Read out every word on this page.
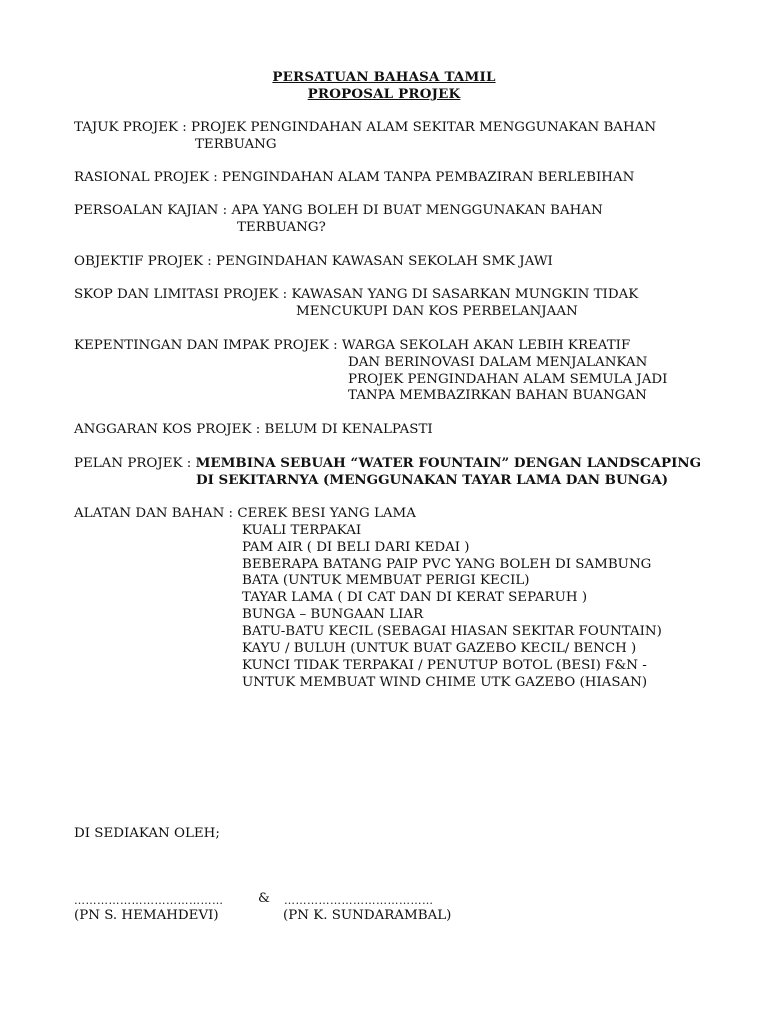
PERSATUAN BAHASA TAMIL
PROPOSAL PROJEK
TAJUK PROJEK : PROJEK PENGINDAHAN ALAM SEKITAR MENGGUNAKAN BAHAN
TERBUANG
RASIONAL PROJEK : PENGINDAHAN ALAM TANPA PEMBAZIRAN BERLEBIHAN
PERSOALAN KAJIAN : APA YANG BOLEH DI BUAT MENGGUNAKAN BAHAN
TERBUANG?
OBJEKTIF PROJEK : PENGINDAHAN KAWASAN SEKOLAH SMK JAWI
SKOP DAN LIMITASI PROJEK : KAWASAN YANG DI SASARKAN MUNGKIN TIDAK
MENCUKUPI DAN KOS PERBELANJAAN
KEPENTINGAN DAN IMPAK PROJEK : WARGA SEKOLAH AKAN LEBIH KREATIF
DAN BERINOVASI DALAM MENJALANKAN
PROJEK PENGINDAHAN ALAM SEMULA JADI
TANPA MEMBAZIRKAN BAHAN BUANGAN
ANGGARAN KOS PROJEK : BELUM DI KENALPASTI
PELAN PROJEK : MEMBINA SEBUAH “WATER FOUNTAIN” DENGAN LANDSCAPING
DI SEKITARNYA (MENGGUNAKAN TAYAR LAMA DAN BUNGA)
ALATAN DAN BAHAN : CEREK BESI YANG LAMA
KUALI TERPAKAI
PAM AIR ( DI BELI DARI KEDAI )
BEBERAPA BATANG PAIP PVC YANG BOLEH DI SAMBUNG
BATA (UNTUK MEMBUAT PERIGI KECIL)
TAYAR LAMA ( DI CAT DAN DI KERAT SEPARUH )
BUNGA – BUNGAAN LIAR
BATU-BATU KECIL (SEBAGAI HIASAN SEKITAR FOUNTAIN)
KAYU / BULUH (UNTUK BUAT GAZEBO KECIL/ BENCH )
KUNCI TIDAK TERPAKAI / PENUTUP BOTOL (BESI) F&N -
UNTUK MEMBUAT WIND CHIME UTK GAZEBO (HIASAN)
DI SEDIAKAN OLEH;
…………………………………	& …………………………………
(PN S. HEMAHDEVI)	(PN K. SUNDARAMBAL)
